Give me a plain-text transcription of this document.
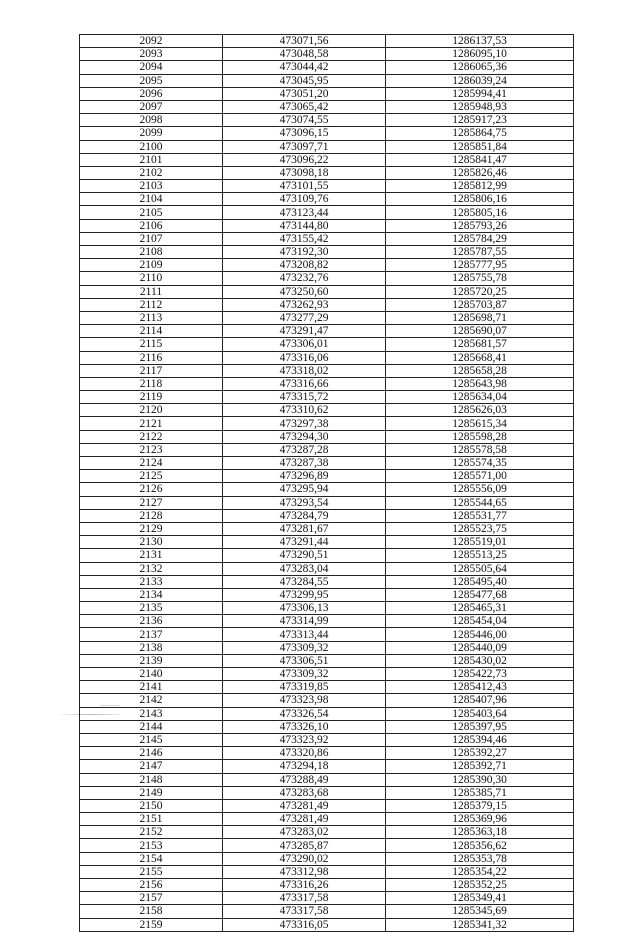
2092	473071,56	1286137,53
2093	473048,58	1286095,10
2094	473044,42	1286065,36
2095	473045,95	1286039,24
2096	473051,20	1285994,41
2097	473065,42	1285948,93
2098	473074,55	1285917,23
2099	473096,15	1285864,75
2100	473097,71	1285851,84
2101	473096,22	1285841,47
2102	473098,18	1285826,46
2103	473101,55	1285812,99
2104	473109,76	1285806,16
2105	473123,44	1285805,16
2106	473144,80	1285793,26
2107	473155,42	1285784,29
2108	473192,30	1285787,55
2109	473208,82	1285777,95
2110	473232,76	1285755,78
2111	473250,60	1285720,25
2112	473262,93	1285703,87
2113	473277,29	1285698,71
2114	473291,47	1285690,07
2115	473306,01	1285681,57
2116	473316,06	1285668,41
2117	473318,02	1285658,28
2118	473316,66	1285643,98
2119	473315,72	1285634,04
2120	473310,62	1285626,03
2121	473297,38	1285615,34
2122	473294,30	1285598,28
2123	473287,28	1285578,58
2124	473287,38	1285574,35
2125	473296,89	1285571,00
2126	473295,94	1285556,09
2127	473293,54	1285544,65
2128	473284,79	1285531,77
2129	473281,67	1285523,75
2130	473291,44	1285519,01
2131	473290,51	1285513,25
2132	473283,04	1285505,64
2133	473284,55	1285495,40
2134	473299,95	1285477,68
2135	473306,13	1285465,31
2136	473314,99	1285454,04
2137	473313,44	1285446,00
2138	473309,32	1285440,09
2139	473306,51	1285430,02
2140	473309,32	1285422,73
2141	473319,85	1285412,43
2142	473323,98	1285407,96
2143	473326,54	1285403,64
2144	473326,10	1285397,95
2145	473323,92	1285394,46
2146	473320,86	1285392,27
2147	473294,18	1285392,71
2148	473288,49	1285390,30
2149	473283,68	1285385,71
2150	473281,49	1285379,15
2151	473281,49	1285369,96
2152	473283,02	1285363,18
2153	473285,87	1285356,62
2154	473290,02	1285353,78
2155	473312,98	1285354,22
2156	473316,26	1285352,25
2157	473317,58	1285349,41
2158	473317,58	1285345,69
2159	473316,05	1285341,32
